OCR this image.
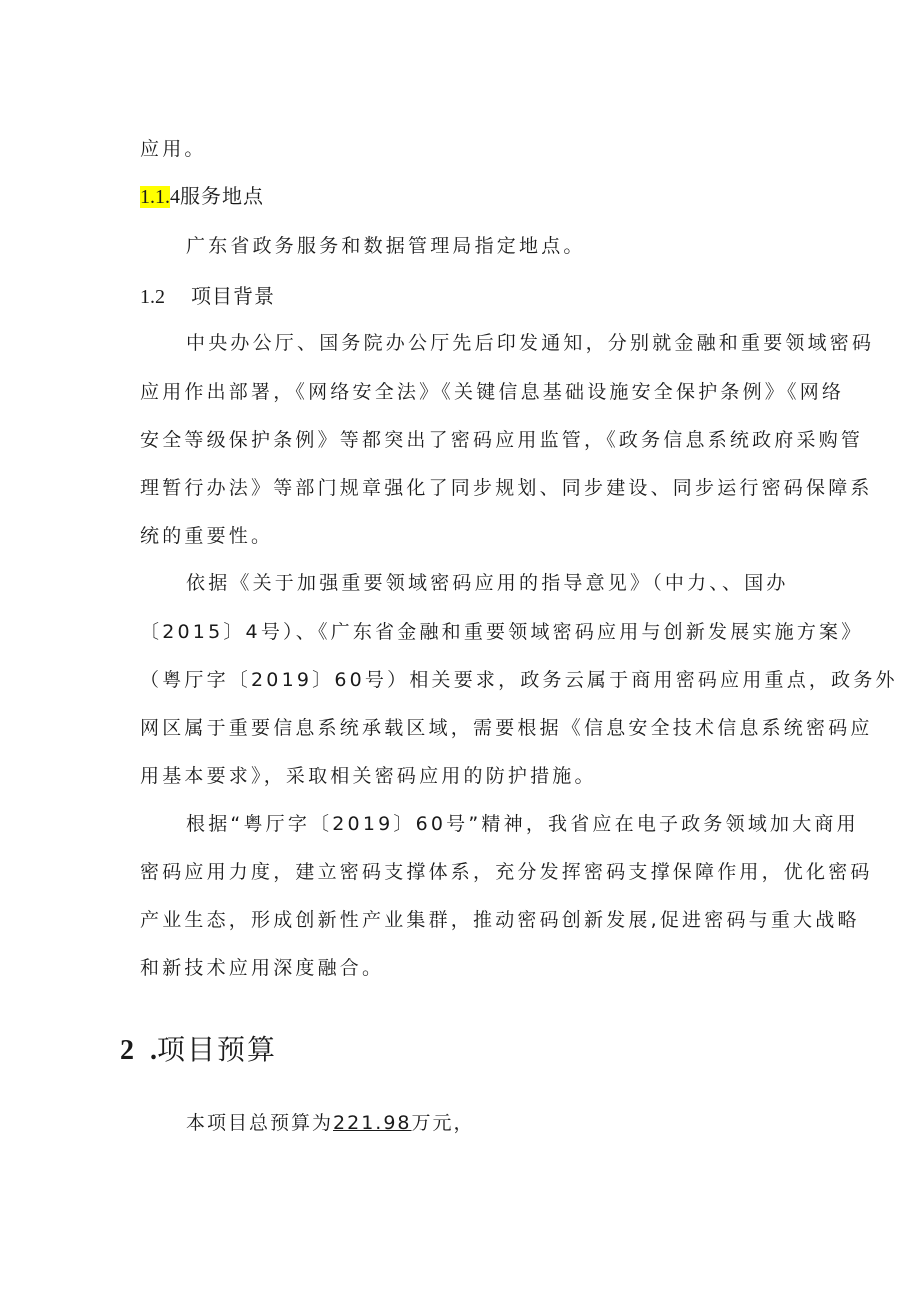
应用。
1.1.4服务地点
广东省政务服务和数据管理局指定地点。
1.2 项目背景
中央办公厅、国务院办公厅先后印发通知，分别就金融和重要领域密码
应用作出部署，《网络安全法》《关键信息基础设施安全保护条例》《网络
安全等级保护条例》等都突出了密码应用监管，《政务信息系统政府采购管
理暂行办法》等部门规章强化了同步规划、同步建设、同步运行密码保障系
统的重要性。
依据《关于加强重要领域密码应用的指导意见》（中力、、国办
〔2015〕4号）、《广东省金融和重要领域密码应用与创新发展实施方案》
（粤厅字〔2019〕60号）相关要求，政务云属于商用密码应用重点，政务外
网区属于重要信息系统承载区域，需要根据《信息安全技术信息系统密码应
用基本要求》，采取相关密码应用的防护措施。
根据“粤厅字〔2019〕60号”精神，我省应在电子政务领域加大商用
密码应用力度，建立密码支撑体系，充分发挥密码支撑保障作用，优化密码
产业生态，形成创新性产业集群，推动密码创新发展,促进密码与重大战略
和新技术应用深度融合。
2 .项目预算
本项目总预算为221.98万元，
